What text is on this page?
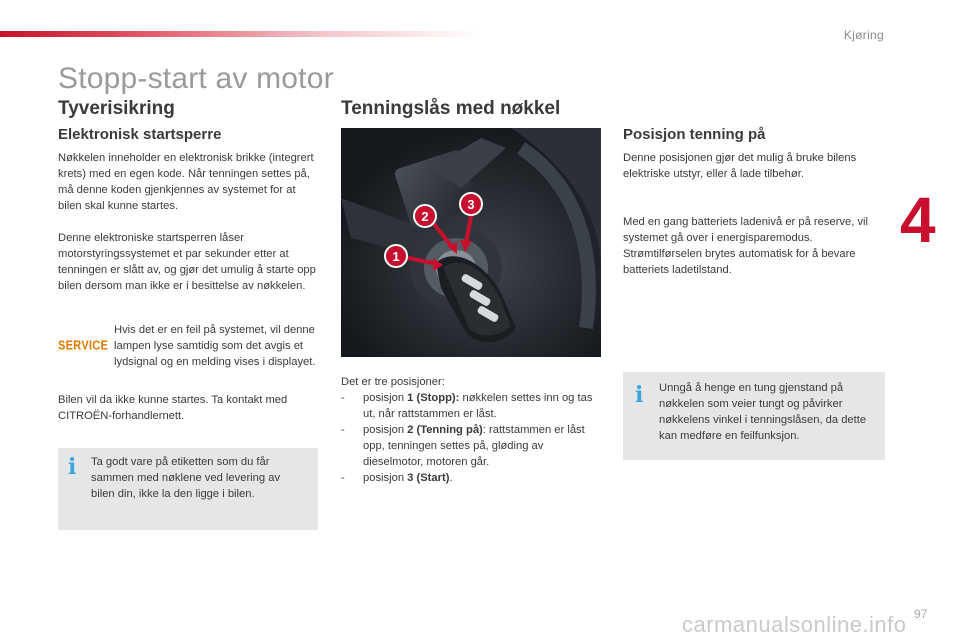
Kjøring
4
97
carmanualsonline.info
Stopp-start av motor
Tyverisikring
Elektronisk startsperre

Nøkkelen inneholder en elektronisk brikke (integrert krets) med en egen kode. Når tenningen settes på, må denne koden gjenkjennes av systemet for at bilen skal kunne startes.

Denne elektroniske startsperren låser motorstyringssystemet et par sekunder etter at tenningen er slått av, og gjør det umulig å starte opp bilen dersom man ikke er i besittelse av nøkkelen.

SERVICE

Hvis det er en feil på systemet, vil denne lampen lyse samtidig som det avgis et lydsignal og en melding vises i displayet.

Bilen vil da ikke kunne startes. Ta kontakt med CITROËN-forhandlernett.

i Ta godt vare på etiketten som du får sammen med nøklene ved levering av bilen din, ikke la den ligge i bilen.

Tenningslås med nøkkel
1
2
3

Det er tre posisjoner:

- posisjon 1 (Stopp): nøkkelen settes inn og tas ut, når rattstammen er låst.
- posisjon 2 (Tenning på): rattstammen er låst opp, tenningen settes på, gløding av dieselmotor, motoren går.
- posisjon 3 (Start).
Posisjon tenning på

Denne posisjonen gjør det mulig å bruke bilens elektriske utstyr, eller å lade tilbehør.

Med en gang batteriets ladenivå er på reserve, vil systemet gå over i energisparemodus. Strømtilførselen brytes automatisk for å bevare batteriets ladetilstand.

i Unngå å henge en tung gjenstand på nøkkelen som veier tungt og påvirker nøkkelens vinkel i tenningslåsen, da dette kan medføre en feilfunksjon.
